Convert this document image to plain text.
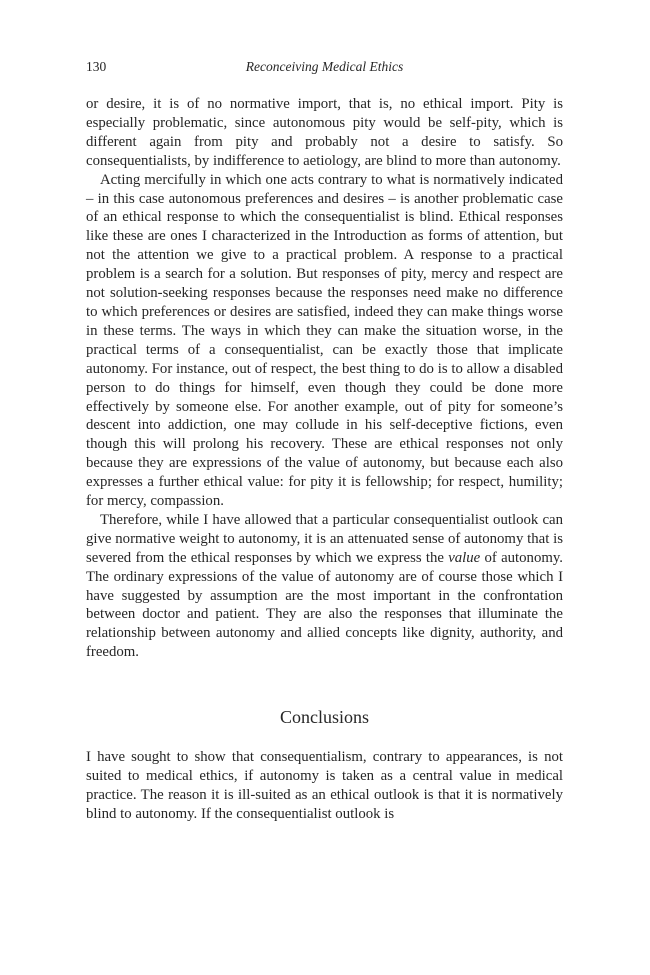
130	Reconceiving Medical Ethics

or desire, it is of no normative import, that is, no ethical import. Pity is especially problematic, since autonomous pity would be self-pity, which is different again from pity and probably not a desire to satisfy. So consequentialists, by indifference to aetiology, are blind to more than autonomy.

Acting mercifully in which one acts contrary to what is normatively indicated – in this case autonomous preferences and desires – is another problematic case of an ethical response to which the consequentialist is blind. Ethical responses like these are ones I characterized in the Introduction as forms of attention, but not the attention we give to a practical problem. A response to a practical problem is a search for a solution. But responses of pity, mercy and respect are not solution-seeking responses because the responses need make no difference to which preferences or desires are satisfied, indeed they can make things worse in these terms. The ways in which they can make the situation worse, in the practical terms of a consequentialist, can be exactly those that implicate autonomy. For instance, out of respect, the best thing to do is to allow a disabled person to do things for himself, even though they could be done more effectively by someone else. For another example, out of pity for someone’s descent into addiction, one may collude in his self-deceptive fictions, even though this will prolong his recovery. These are ethical responses not only because they are expressions of the value of autonomy, but because each also expresses a further ethical value: for pity it is fellowship; for respect, humility; for mercy, compassion.

Therefore, while I have allowed that a particular consequentialist outlook can give normative weight to autonomy, it is an attenuated sense of autonomy that is severed from the ethical responses by which we express the value of autonomy. The ordinary expressions of the value of autonomy are of course those which I have suggested by assumption are the most important in the confrontation between doctor and patient. They are also the responses that illuminate the relationship between autonomy and allied concepts like dignity, authority, and freedom.

Conclusions

I have sought to show that consequentialism, contrary to appearances, is not suited to medical ethics, if autonomy is taken as a central value in medical practice. The reason it is ill-suited as an ethical outlook is that it is normatively blind to autonomy. If the consequentialist outlook is
